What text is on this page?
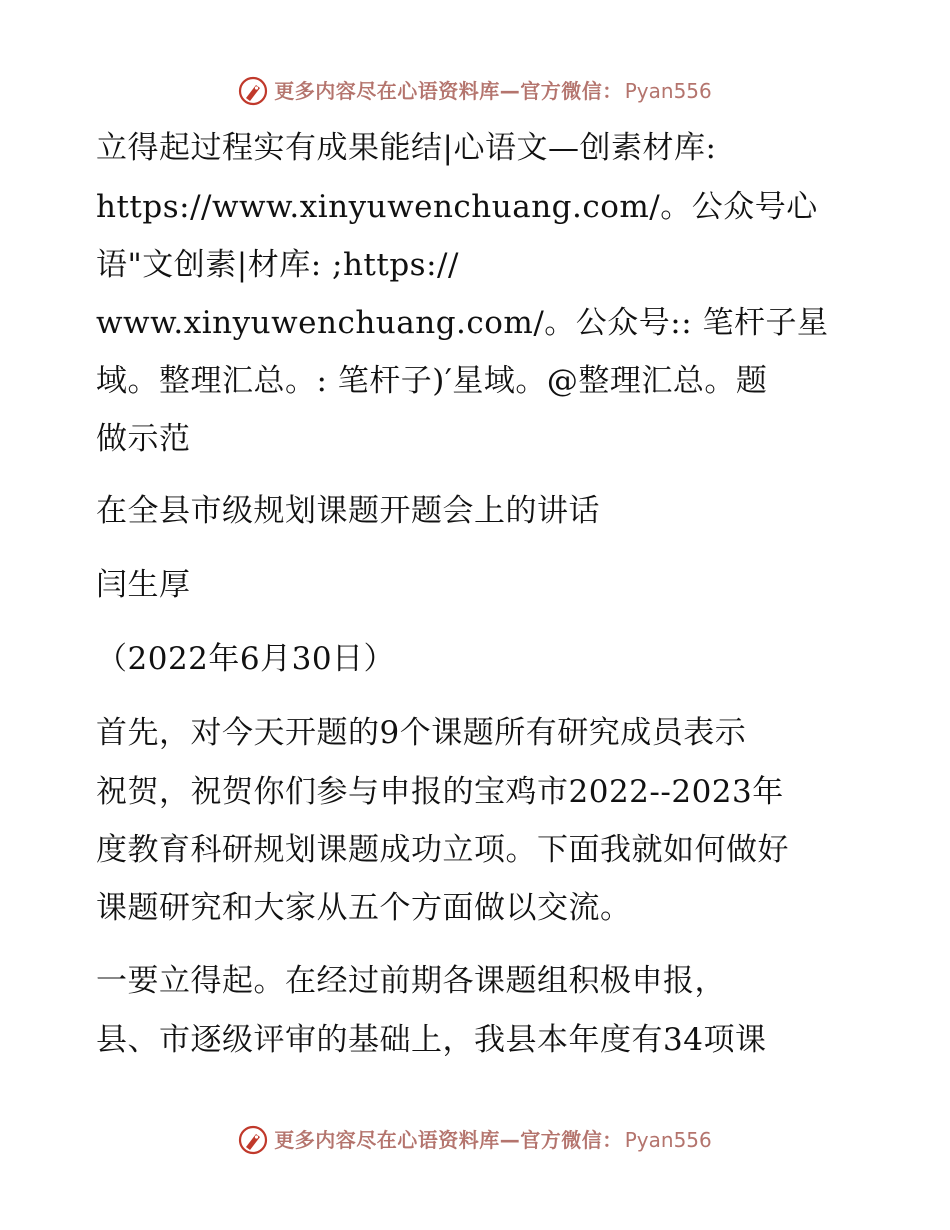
更多内容尽在心语资料库—官方微信： Pyan556

立得起过程实有成果能结|心语文—创素材库:

https://www.xinyuwenchuang.com/。公众号心

语"文创素|材库: ;https://

www.xinyuwenchuang.com/。公众号:: 笔杆子星

域。整理汇总。: 笔杆子)′星域。@整理汇总。题

做示范

在全县市级规划课题开题会上的讲话

闫生厚

（2022年6月30日）

首先，对今天开题的9个课题所有研究成员表示

祝贺，祝贺你们参与申报的宝鸡市2022--2023年

度教育科研规划课题成功立项。下面我就如何做好

课题研究和大家从五个方面做以交流。

一要立得起。在经过前期各课题组积极申报，

县、市逐级评审的基础上，我县本年度有34项课

更多内容尽在心语资料库—官方微信： Pyan556
